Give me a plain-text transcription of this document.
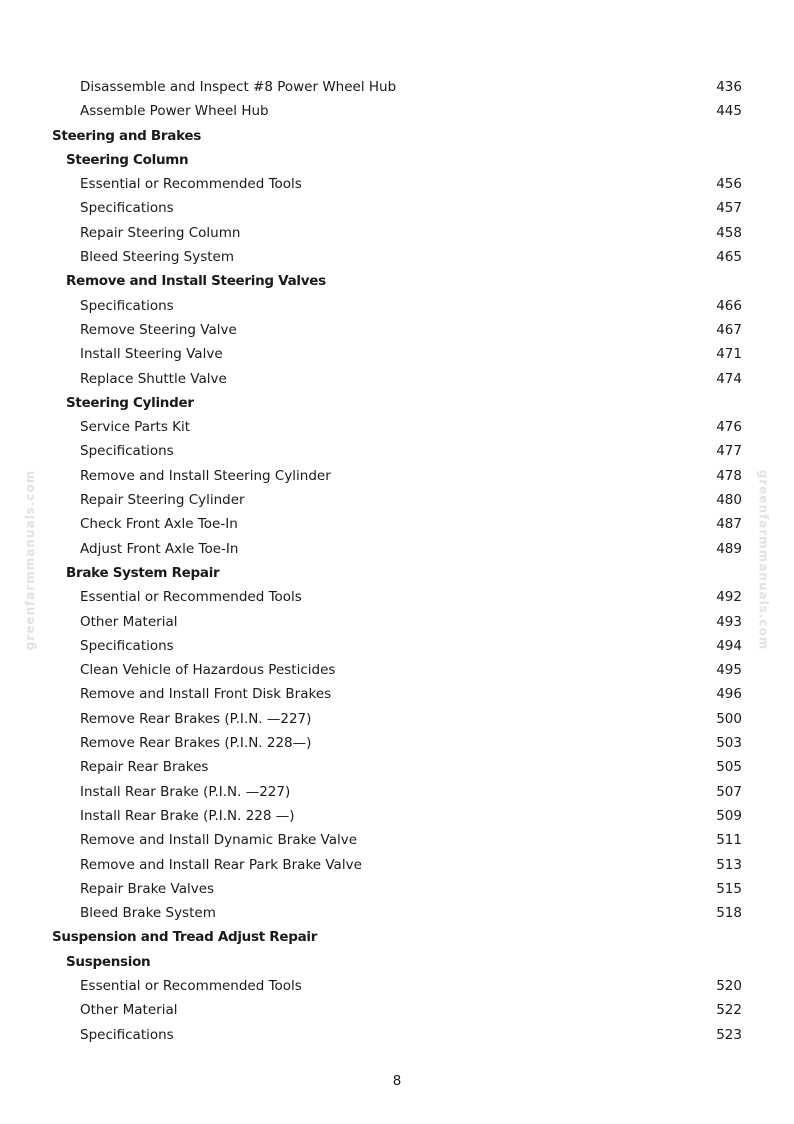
greenfarmmanuals.com	greenfarmmanuals.com
Disassemble and Inspect #8 Power Wheel Hub	436
Assemble Power Wheel Hub	445
Steering and Brakes
Steering Column
Essential or Recommended Tools	456
Specifications	457
Repair Steering Column	458
Bleed Steering System	465
Remove and Install Steering Valves
Specifications	466
Remove Steering Valve	467
Install Steering Valve	471
Replace Shuttle Valve	474
Steering Cylinder
Service Parts Kit	476
Specifications	477
Remove and Install Steering Cylinder	478
Repair Steering Cylinder	480
Check Front Axle Toe-In	487
Adjust Front Axle Toe-In	489
Brake System Repair
Essential or Recommended Tools	492
Other Material	493
Specifications	494
Clean Vehicle of Hazardous Pesticides	495
Remove and Install Front Disk Brakes	496
Remove Rear Brakes (P.I.N. —227)	500
Remove Rear Brakes (P.I.N. 228—)	503
Repair Rear Brakes	505
Install Rear Brake (P.I.N. —227)	507
Install Rear Brake (P.I.N. 228 —)	509
Remove and Install Dynamic Brake Valve	511
Remove and Install Rear Park Brake Valve	513
Repair Brake Valves	515
Bleed Brake System	518
Suspension and Tread Adjust Repair
Suspension
Essential or Recommended Tools	520
Other Material	522
Specifications	523
8
